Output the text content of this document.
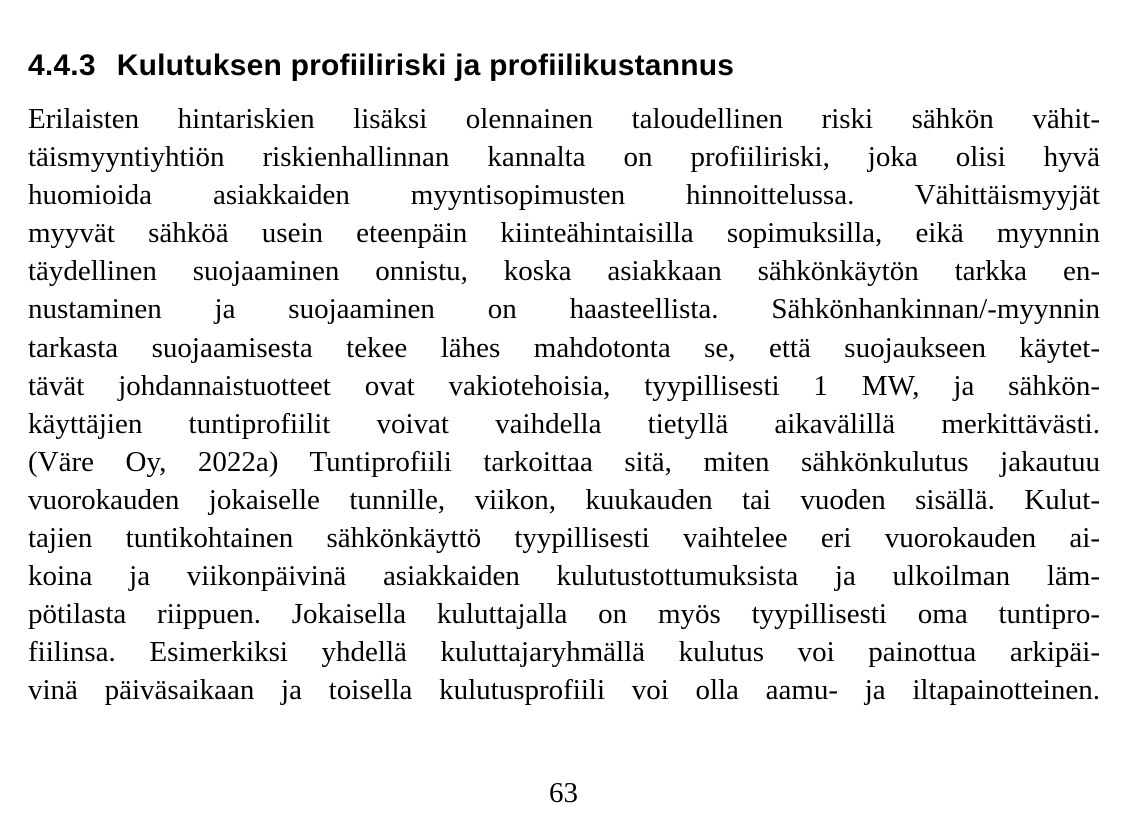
4.4.3 Kulutuksen profiiliriski ja profiilikustannus
Erilaisten hintariskien lisäksi olennainen taloudellinen riski sähkön vähit-
täismyyntiyhtiön riskienhallinnan kannalta on profiiliriski, joka olisi hyvä
huomioida asiakkaiden myyntisopimusten hinnoittelussa. Vähittäismyyjät
myyvät sähköä usein eteenpäin kiinteähintaisilla sopimuksilla, eikä myynnin
täydellinen suojaaminen onnistu, koska asiakkaan sähkönkäytön tarkka en-
nustaminen ja suojaaminen on haasteellista. Sähkönhankinnan/-myynnin
tarkasta suojaamisesta tekee lähes mahdotonta se, että suojaukseen käytet-
tävät johdannaistuotteet ovat vakiotehoisia, tyypillisesti 1 MW, ja sähkön-
käyttäjien tuntiprofiilit voivat vaihdella tietyllä aikavälillä merkittävästi.
(Väre Oy, 2022a) Tuntiprofiili tarkoittaa sitä, miten sähkönkulutus jakautuu
vuorokauden jokaiselle tunnille, viikon, kuukauden tai vuoden sisällä. Kulut-
tajien tuntikohtainen sähkönkäyttö tyypillisesti vaihtelee eri vuorokauden ai-
koina ja viikonpäivinä asiakkaiden kulutustottumuksista ja ulkoilman läm-
pötilasta riippuen. Jokaisella kuluttajalla on myös tyypillisesti oma tuntipro-
fiilinsa. Esimerkiksi yhdellä kuluttajaryhmällä kulutus voi painottua arkipäi-
vinä päiväsaikaan ja toisella kulutusprofiili voi olla aamu- ja iltapainotteinen.
63
